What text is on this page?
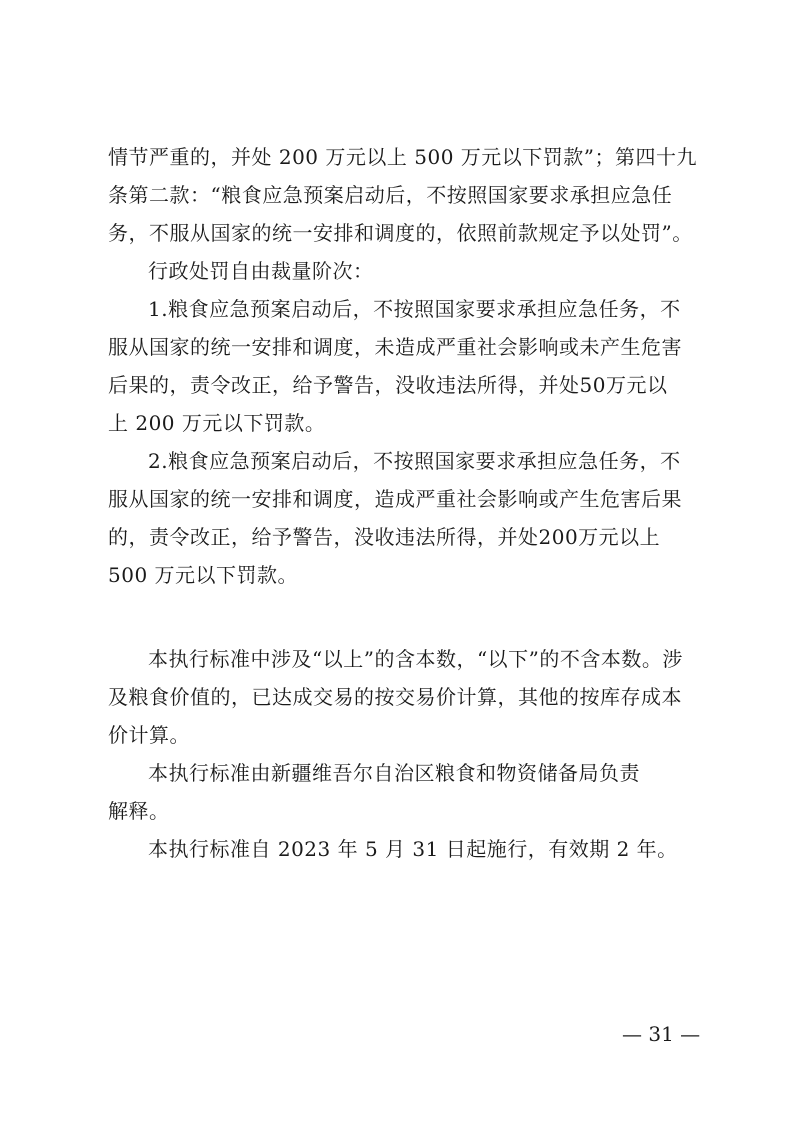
情节严重的，并处 200 万元以上 500 万元以下罚款”；第四十九
条第二款：“粮食应急预案启动后，不按照国家要求承担应急任
务，不服从国家的统一安排和调度的，依照前款规定予以处罚”。
行政处罚自由裁量阶次：
1.粮食应急预案启动后，不按照国家要求承担应急任务，不
服从国家的统一安排和调度，未造成严重社会影响或未产生危害
后果的，责令改正，给予警告，没收违法所得，并处50万元以
上 200 万元以下罚款。
2.粮食应急预案启动后，不按照国家要求承担应急任务，不
服从国家的统一安排和调度，造成严重社会影响或产生危害后果
的，责令改正，给予警告，没收违法所得，并处200万元以上
500 万元以下罚款。
本执行标准中涉及“以上”的含本数，“以下”的不含本数。涉
及粮食价值的，已达成交易的按交易价计算，其他的按库存成本
价计算。
本执行标准由新疆维吾尔自治区粮食和物资储备局负责
解释。
本执行标准自 2023 年 5 月 31 日起施行，有效期 2 年。
— 31 —
